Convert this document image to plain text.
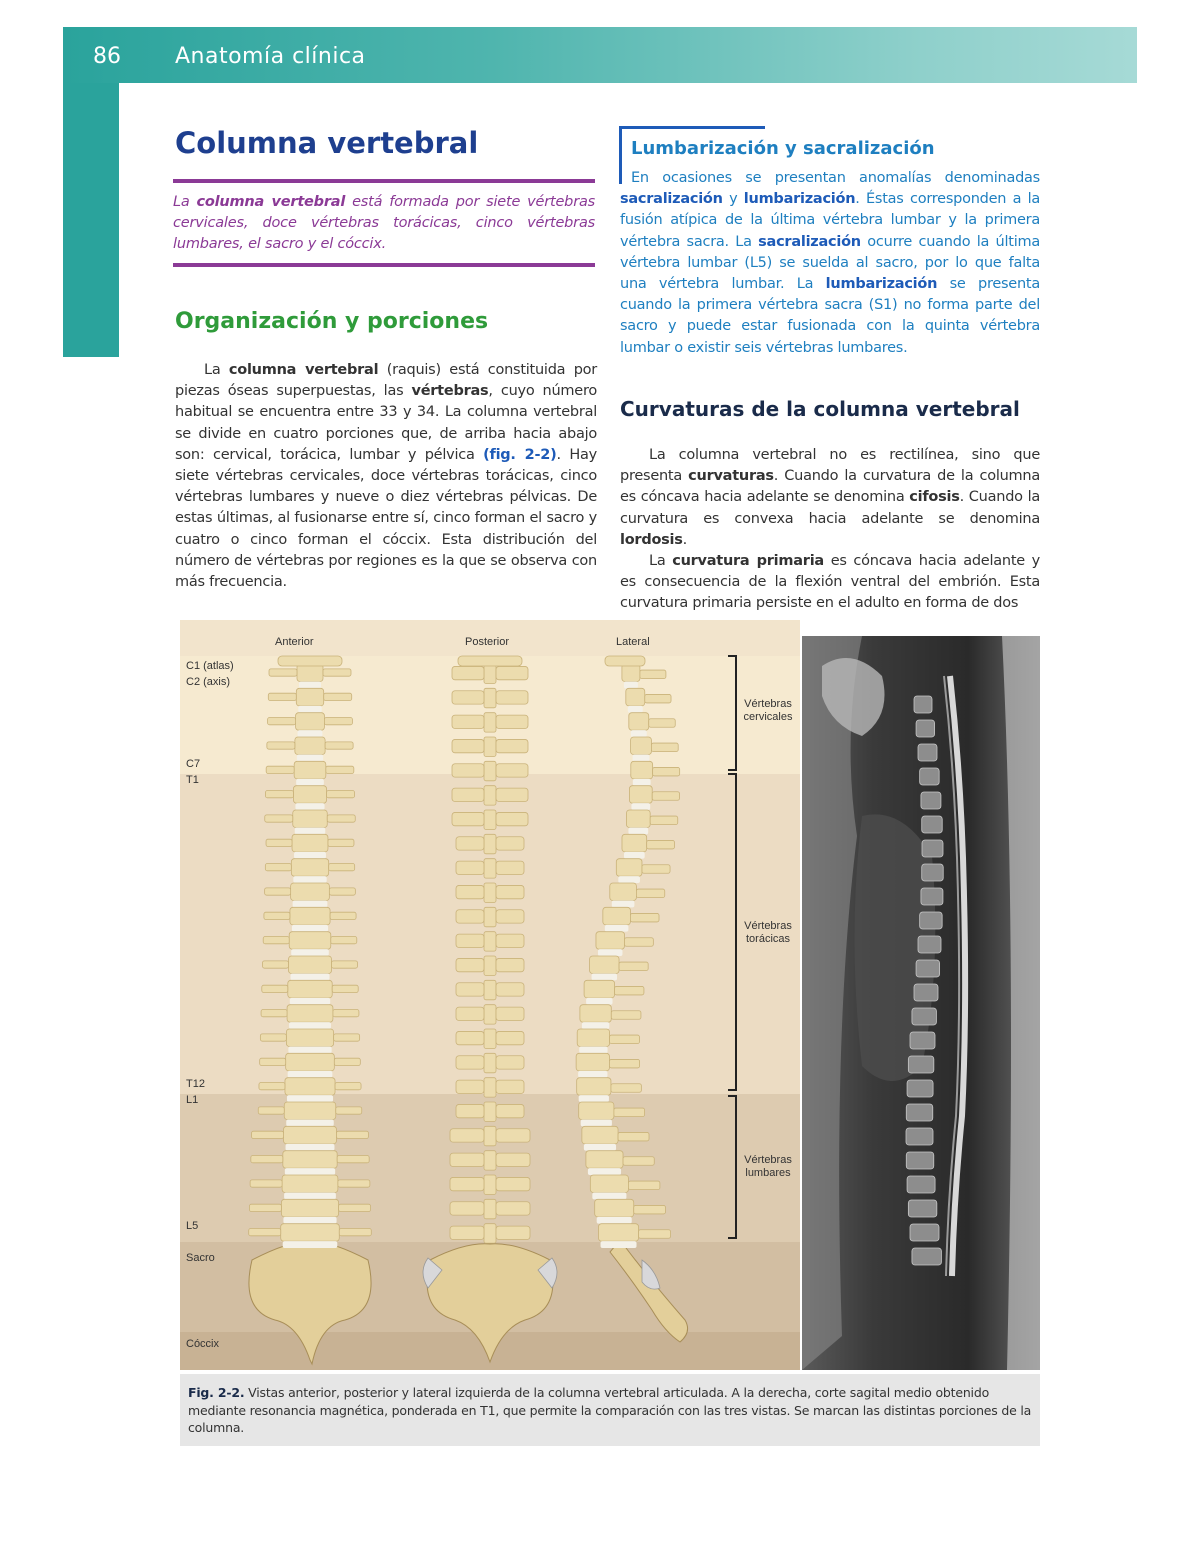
86 Anatomía clínica
Columna vertebral

La columna vertebral está formada por siete vértebras cervicales, doce vértebras torácicas, cinco vértebras lumbares, el sacro y el cóccix.

Organización y porciones

La columna vertebral (raquis) está constituida por piezas óseas superpuestas, las vértebras, cuyo número habitual se encuentra entre 33 y 34. La columna vertebral se divide en cuatro porciones que, de arriba hacia abajo son: cervical, torácica, lumbar y pélvica (fig. 2-2). Hay siete vértebras cervicales, doce vértebras torácicas, cinco vértebras lumbares y nueve o diez vértebras pélvicas. De estas últimas, al fusionarse entre sí, cinco forman el sacro y cuatro o cinco forman el cóccix. Esta distribución del número de vértebras por regiones es la que se observa con más frecuencia.

Lumbarización y sacralización

En ocasiones se presentan anomalías denominadas sacralización y lumbarización. Éstas corresponden a la fusión atípica de la última vértebra lumbar y la primera vértebra sacra. La sacralización ocurre cuando la última vértebra lumbar (L5) se suelda al sacro, por lo que falta una vértebra lumbar. La lumbarización se presenta cuando la primera vértebra sacra (S1) no forma parte del sacro y puede estar fusionada con la quinta vértebra lumbar o existir seis vértebras lumbares.

Curvaturas de la columna vertebral

La columna vertebral no es rectilínea, sino que presenta curvaturas. Cuando la curvatura de la columna es cóncava hacia adelante se denomina cifosis. Cuando la curvatura es convexa hacia adelante se denomina lordosis.

La curvatura primaria es cóncava hacia adelante y es consecuencia de la flexión ventral del embrión. Esta curvatura primaria persiste en el adulto en forma de dos

Anterior	Posterior	Lateral
C1 (atlas)
C2 (axis)
C7
T1
T12
L1
L5
Sacro
Cóccix
Vértebras
cervicales
Vértebras
torácicas
Vértebras
lumbares
Fig. 2-2. Vistas anterior, posterior y lateral izquierda de la columna vertebral articulada. A la derecha, corte sagital medio obtenido mediante resonancia magnética, ponderada en T1, que permite la comparación con las tres vistas. Se marcan las distintas porciones de la columna.
